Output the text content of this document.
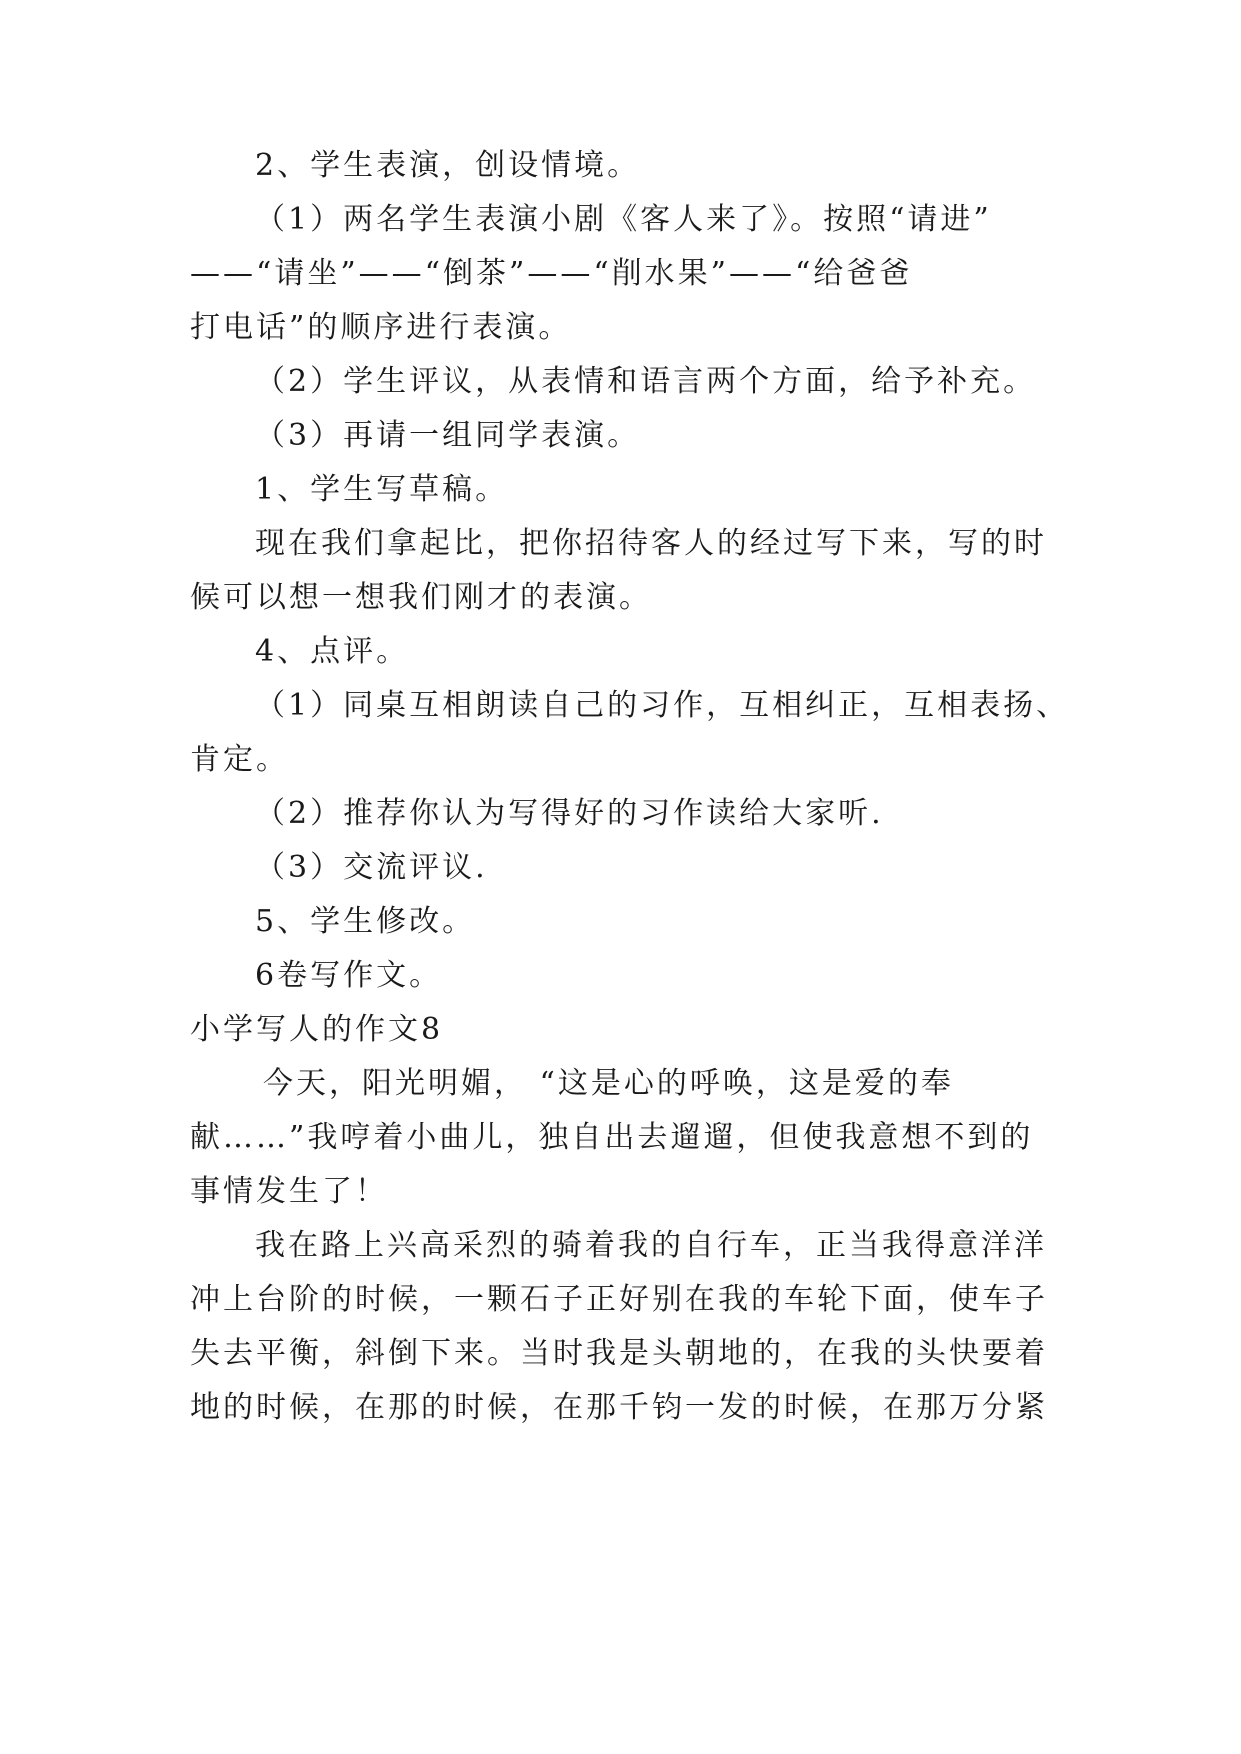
2、学生表演，创设情境。
（1）两名学生表演小剧《客人来了》。按照“请进”
——“请坐”——“倒茶”——“削水果”——“给爸爸
打电话”的顺序进行表演。
（2）学生评议，从表情和语言两个方面，给予补充。
（3）再请一组同学表演。
1、学生写草稿。
现在我们拿起比，把你招待客人的经过写下来，写的时
候可以想一想我们刚才的表演。
4、点评。
（1）同桌互相朗读自己的习作，互相纠正，互相表扬、
肯定。
（2）推荐你认为写得好的习作读给大家听.
（3）交流评议.
5、学生修改。
6卷写作文。
小学写人的作文8
今天，阳光明媚， “这是心的呼唤，这是爱的奉
献……”我哼着小曲儿，独自出去遛遛，但使我意想不到的
事情发生了！
我在路上兴高采烈的骑着我的自行车，正当我得意洋洋
冲上台阶的时候，一颗石子正好别在我的车轮下面，使车子
失去平衡，斜倒下来。当时我是头朝地的，在我的头快要着
地的时候，在那的时候，在那千钧一发的时候，在那万分紧
